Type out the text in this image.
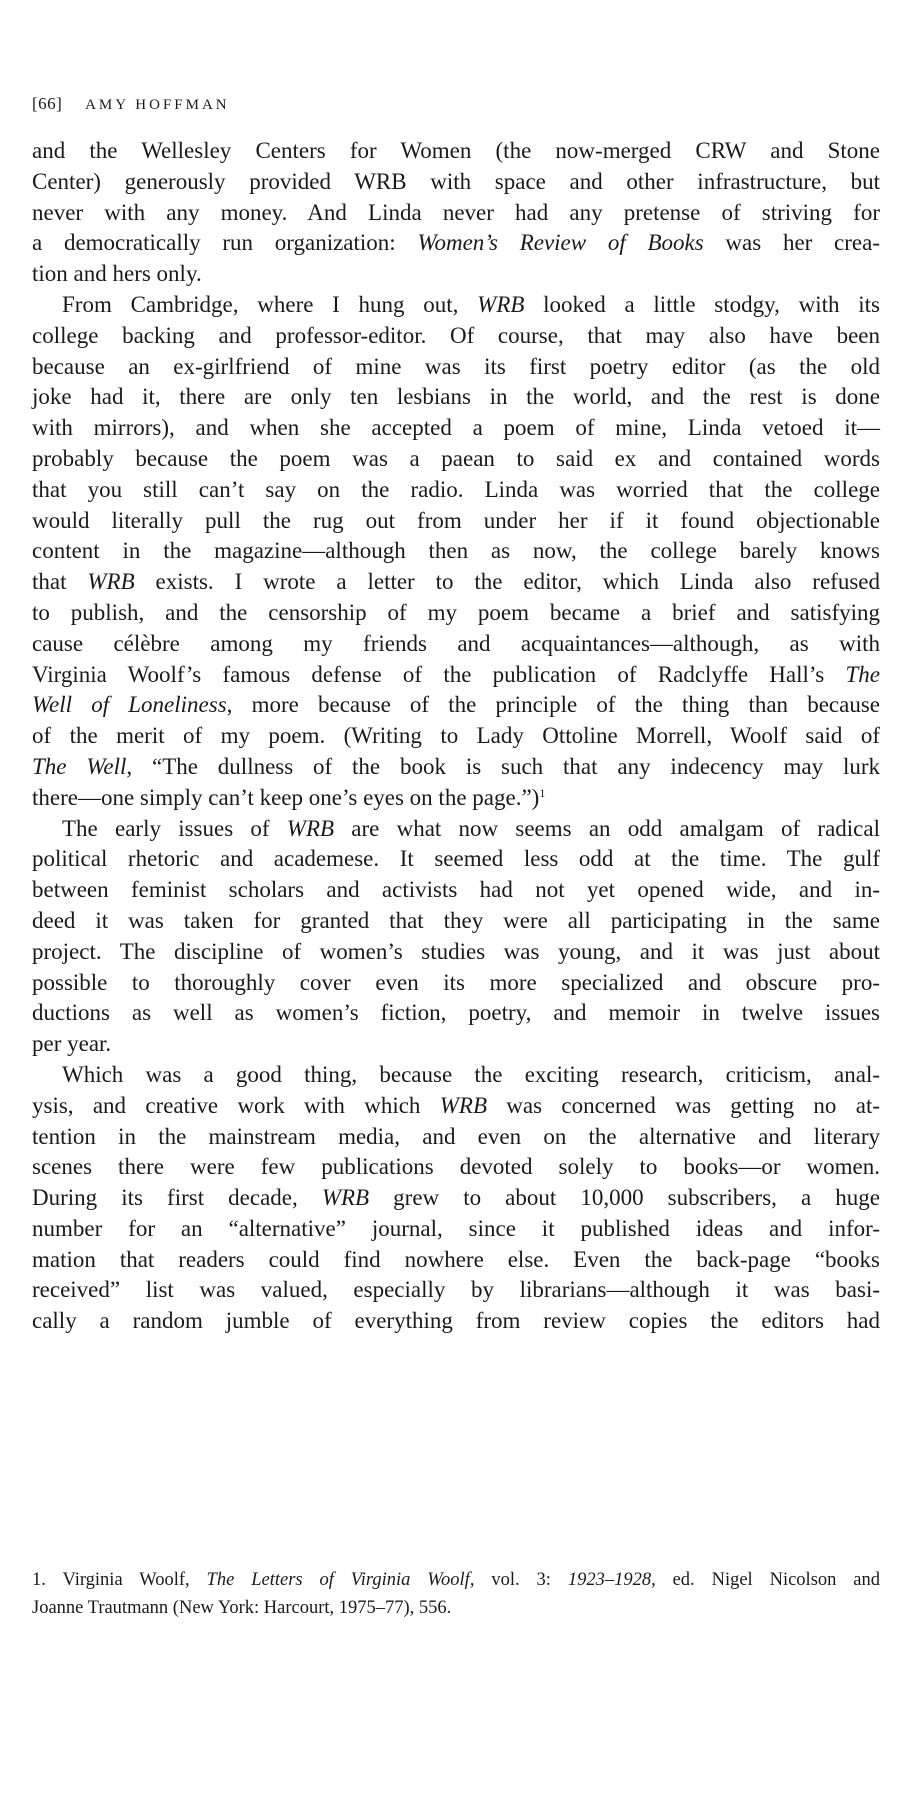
[66] AMY HOFFMAN
and the Wellesley Centers for Women (the now-merged CRW and Stone
Center) generously provided WRB with space and other infrastructure, but
never with any money. And Linda never had any pretense of striving for
a democratically run organization: Women’s Review of Books was her crea-
tion and hers only.
From Cambridge, where I hung out, WRB looked a little stodgy, with its
college backing and professor-editor. Of course, that may also have been
because an ex-girlfriend of mine was its first poetry editor (as the old
joke had it, there are only ten lesbians in the world, and the rest is done
with mirrors), and when she accepted a poem of mine, Linda vetoed it—
probably because the poem was a paean to said ex and contained words
that you still can’t say on the radio. Linda was worried that the college
would literally pull the rug out from under her if it found objectionable
content in the magazine—although then as now, the college barely knows
that WRB exists. I wrote a letter to the editor, which Linda also refused
to publish, and the censorship of my poem became a brief and satisfying
cause célèbre among my friends and acquaintances—although, as with
Virginia Woolf’s famous defense of the publication of Radclyffe Hall’s The
Well of Loneliness, more because of the principle of the thing than because
of the merit of my poem. (Writing to Lady Ottoline Morrell, Woolf said of
The Well, “The dullness of the book is such that any indecency may lurk
there—one simply can’t keep one’s eyes on the page.”)$^1$
The early issues of WRB are what now seems an odd amalgam of radical
political rhetoric and academese. It seemed less odd at the time. The gulf
between feminist scholars and activists had not yet opened wide, and in-
deed it was taken for granted that they were all participating in the same
project. The discipline of women’s studies was young, and it was just about
possible to thoroughly cover even its more specialized and obscure pro-
ductions as well as women’s fiction, poetry, and memoir in twelve issues
per year.
Which was a good thing, because the exciting research, criticism, anal-
ysis, and creative work with which WRB was concerned was getting no at-
tention in the mainstream media, and even on the alternative and literary
scenes there were few publications devoted solely to books—or women.
During its first decade, WRB grew to about 10,000 subscribers, a huge
number for an “alternative” journal, since it published ideas and infor-
mation that readers could find nowhere else. Even the back-page “books
received” list was valued, especially by librarians—although it was basi-
cally a random jumble of everything from review copies the editors had
1. Virginia Woolf, The Letters of Virginia Woolf, vol. 3: 1923–1928, ed. Nigel Nicolson and
Joanne Trautmann (New York: Harcourt, 1975–77), 556.
